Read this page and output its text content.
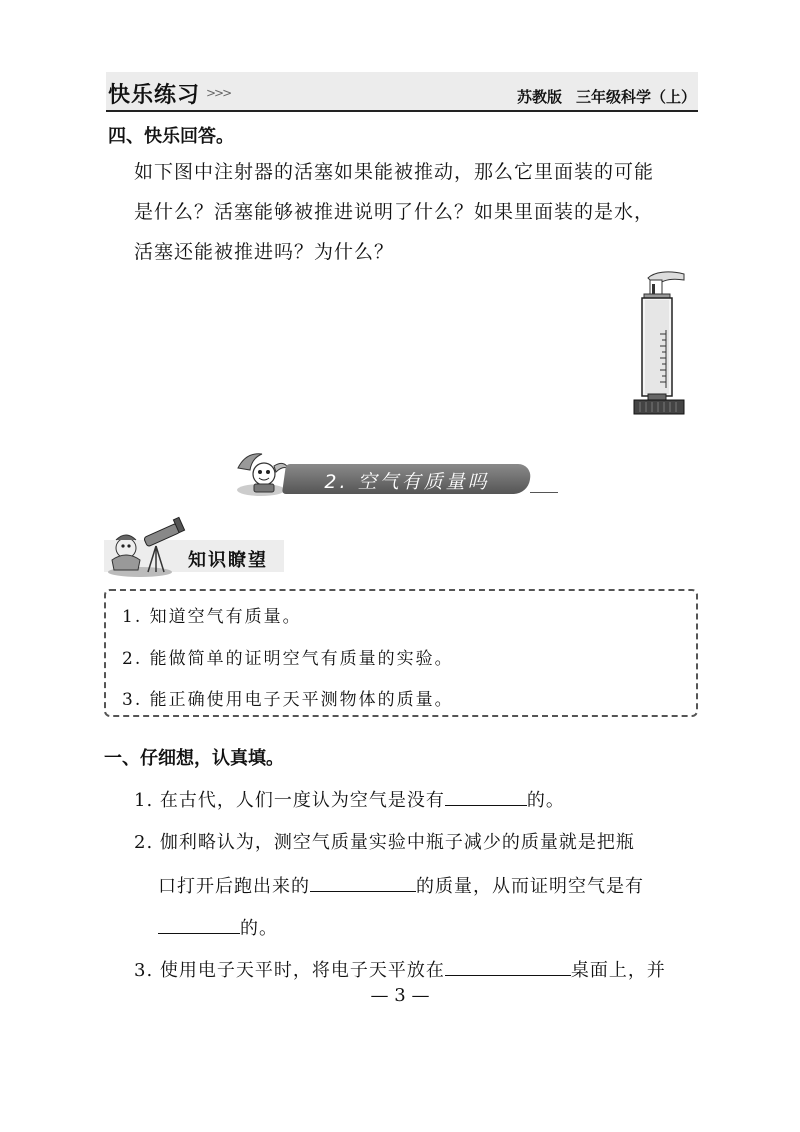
快乐练习 >>>	苏教版 三年级科学（上）
四、快乐回答。
如下图中注射器的活塞如果能被推动，那么它里面装的可能
是什么？活塞能够被推进说明了什么？如果里面装的是水，
活塞还能被推进吗？为什么？
2. 空气有质量吗
知识瞭望
1. 知道空气有质量。
2. 能做简单的证明空气有质量的实验。
3. 能正确使用电子天平测物体的质量。
一、仔细想，认真填。
1. 在古代，人们一度认为空气是没有	的。
2. 伽利略认为，测空气质量实验中瓶子减少的质量就是把瓶
口打开后跑出来的	的质量，从而证明空气是有
的。
3. 使用电子天平时，将电子天平放在	桌面上，并
— 3 —
